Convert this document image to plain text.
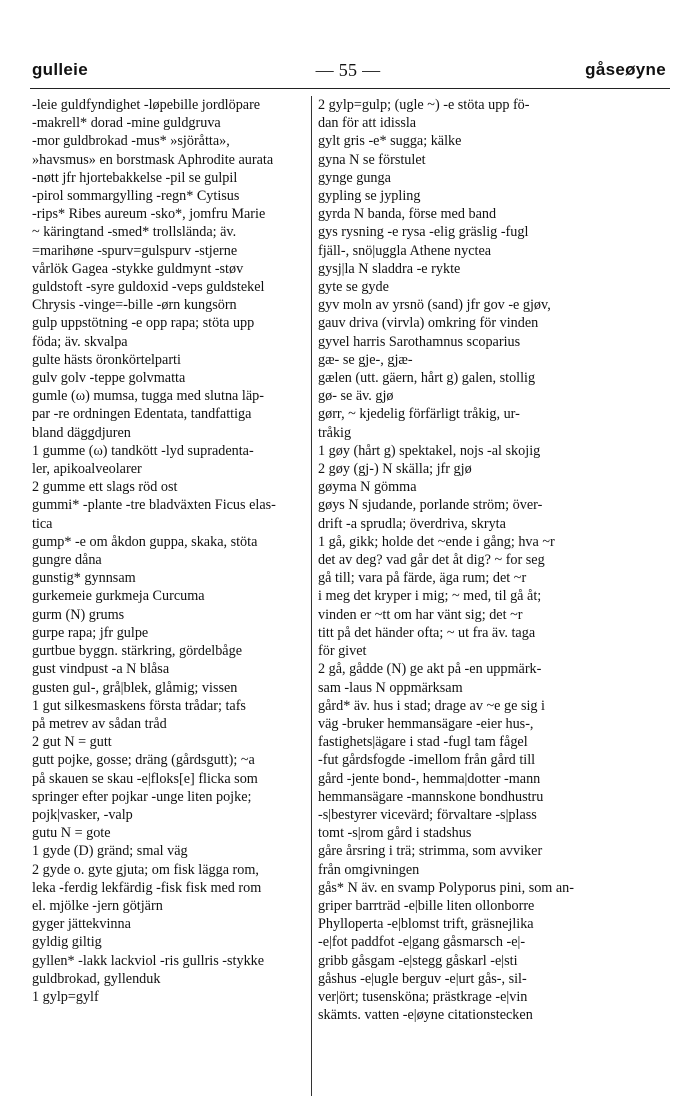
gulleie	— 55 —	gåseøyne
-leie guldfyndighet -løpebille jordlöpare
-makrell* dorad -mine guldgruva
-mor guldbrokad -mus* »sjöråtta»,
»havsmus» en borstmask Aphrodite aurata
-nøtt jfr hjortebakkelse -pil se gulpil
-pirol sommargylling -regn* Cytisus
-rips* Ribes aureum -sko*, jomfru Marie
~ käringtand -smed* trollslända; äv.
=marihøne -spurv=gulspurv -stjerne
vårlök Gagea -stykke guldmynt -støv
guldstoft -syre guldoxid -veps guldstekel
Chrysis -vinge=-bille -ørn kungsörn
gulp uppstötning -e opp rapa; stöta upp
föda; äv. skvalpa
gulte hästs öronkörtelparti
gulv golv -teppe golvmatta
gumle (ω) mumsa, tugga med slutna läp-
par -re ordningen Edentata, tandfattiga
bland däggdjuren
1 gumme (ω) tandkött -lyd supradenta-
ler, apikoalveolarer
2 gumme ett slags röd ost
gummi* -plante -tre bladväxten Ficus elas-
tica
gump* -e om åkdon guppa, skaka, stöta
gungre dåna
gunstig* gynnsam
gurkemeie gurkmeja Curcuma
gurm (N) grums
gurpe rapa; jfr gulpe
gurtbue byggn. stärkring, gördelbåge
gust vindpust -a N blåsa
gusten gul-, grå|blek, glåmig; vissen
1 gut silkesmaskens första trådar; tafs
på metrev av sådan tråd
2 gut N = gutt
gutt pojke, gosse; dräng (gårdsgutt); ~a
på skauen se skau -e|floks[e] flicka som
springer efter pojkar -unge liten pojke;
pojk|vasker, -valp
gutu N = gote
1 gyde (D) gränd; smal väg
2 gyde o. gyte gjuta; om fisk lägga rom,
leka -ferdig lekfärdig -fisk fisk med rom
el. mjölke -jern götjärn
gyger jättekvinna
gyldig giltig
gyllen* -lakk lackviol -ris gullris -stykke
guldbrokad, gyllenduk
1 gylp=gylf
2 gylp=gulp; (ugle ~) -e stöta upp fö-
dan för att idissla
gylt gris -e* sugga; kälke
gyna N se förstulet
gynge gunga
gypling se jypling
gyrda N banda, förse med band
gys rysning -e rysa -elig gräslig -fugl
fjäll-, snö|uggla Athene nyctea
gysj|la N sladdra -e rykte
gyte se gyde
gyv moln av yrsnö (sand) jfr gov -e gjøv,
gauv driva (virvla) omkring för vinden
gyvel harris Sarothamnus scoparius
gæ- se gje-, gjæ-
gælen (utt. gäern, hårt g) galen, stollig
gø- se äv. gjø
gørr, ~ kjedelig förfärligt tråkig, ur-
tråkig
1 gøy (hårt g) spektakel, nojs -al skojig
2 gøy (gj-) N skälla; jfr gjø
gøyma N gömma
gøys N sjudande, porlande ström; över-
drift -a sprudla; överdriva, skryta
1 gå, gikk; holde det ~ende i gång; hva ~r
det av deg? vad går det åt dig? ~ for seg
gå till; vara på färde, äga rum; det ~r
i meg det kryper i mig; ~ med, til gå åt;
vinden er ~tt om har vänt sig; det ~r
titt på det händer ofta; ~ ut fra äv. taga
för givet
2 gå, gådde (N) ge akt på -en uppmärk-
sam -laus N oppmärksam
gård* äv. hus i stad; drage av ~e ge sig i
väg -bruker hemmansägare -eier hus-,
fastighets|ägare i stad -fugl tam fågel
-fut gårdsfogde -imellom från gård till
gård -jente bond-, hemma|dotter -mann
hemmansägare -mannskone bondhustru
-s|bestyrer vicevärd; förvaltare -s|plass
tomt -s|rom gård i stadshus
gåre årsring i trä; strimma, som avviker
från omgivningen
gås* N äv. en svamp Polyporus pini, som an-
griper barrträd -e|bille liten ollonborre
Phylloperta -e|blomst trift, gräsnejlika
-e|fot paddfot -e|gang gåsmarsch -e|-
gribb gåsgam -e|stegg gåskarl -e|sti
gåshus -e|ugle berguv -e|urt gås-, sil-
ver|ört; tusensköna; prästkrage -e|vin
skämts. vatten -e|øyne citationstecken
